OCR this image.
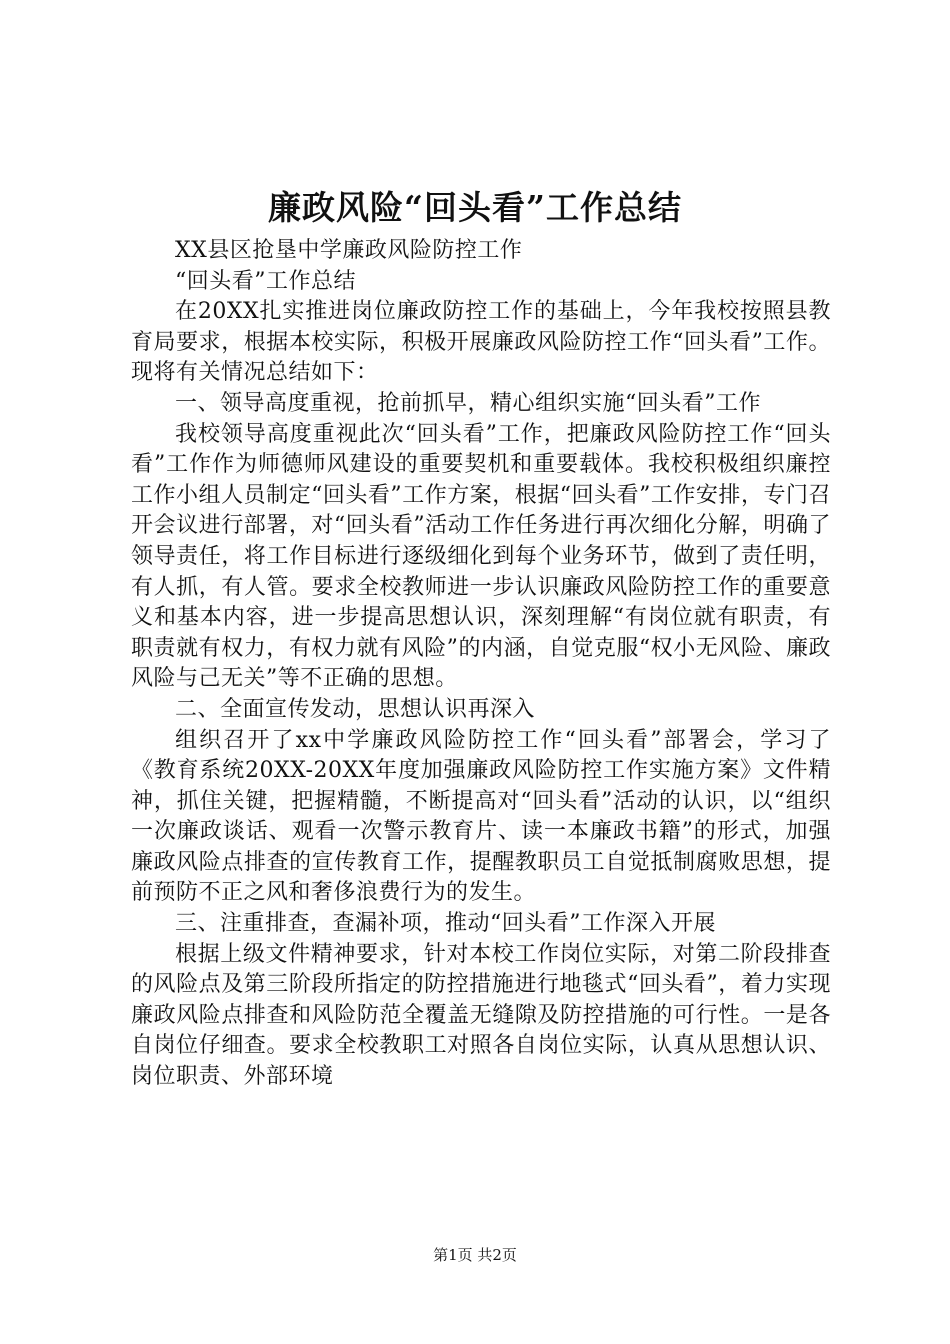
廉政风险“回头看”工作总结

XX县区抢垦中学廉政风险防控工作

“回头看”工作总结

在20XX扎实推进岗位廉政防控工作的基础上，今年我校按照县教育局要求，根据本校实际，积极开展廉政风险防控工作“回头看”工作。现将有关情况总结如下：

一、领导高度重视，抢前抓早，精心组织实施“回头看”工作

我校领导高度重视此次“回头看”工作，把廉政风险防控工作“回头看”工作作为师德师风建设的重要契机和重要载体。我校积极组织廉控工作小组人员制定“回头看”工作方案，根据“回头看”工作安排，专门召开会议进行部署，对“回头看”活动工作任务进行再次细化分解，明确了领导责任，将工作目标进行逐级细化到每个业务环节，做到了责任明，有人抓，有人管。要求全校教师进一步认识廉政风险防控工作的重要意义和基本内容，进一步提高思想认识，深刻理解“有岗位就有职责，有职责就有权力，有权力就有风险”的内涵，自觉克服“权小无风险、廉政风险与己无关”等不正确的思想。

二、全面宣传发动，思想认识再深入

组织召开了xx中学廉政风险防控工作“回头看”部署会，学习了《教育系统20XX-20XX年度加强廉政风险防控工作实施方案》文件精神，抓住关键，把握精髓，不断提高对“回头看”活动的认识，以“组织一次廉政谈话、观看一次警示教育片、读一本廉政书籍”的形式，加强廉政风险点排查的宣传教育工作，提醒教职员工自觉抵制腐败思想，提前预防不正之风和奢侈浪费行为的发生。

三、注重排查，查漏补项，推动“回头看”工作深入开展

根据上级文件精神要求，针对本校工作岗位实际，对第二阶段排查的风险点及第三阶段所指定的防控措施进行地毯式“回头看”，着力实现廉政风险点排查和风险防范全覆盖无缝隙及防控措施的可行性。一是各自岗位仔细查。要求全校教职工对照各自岗位实际，认真从思想认识、岗位职责、外部环境

第1页 共2页
